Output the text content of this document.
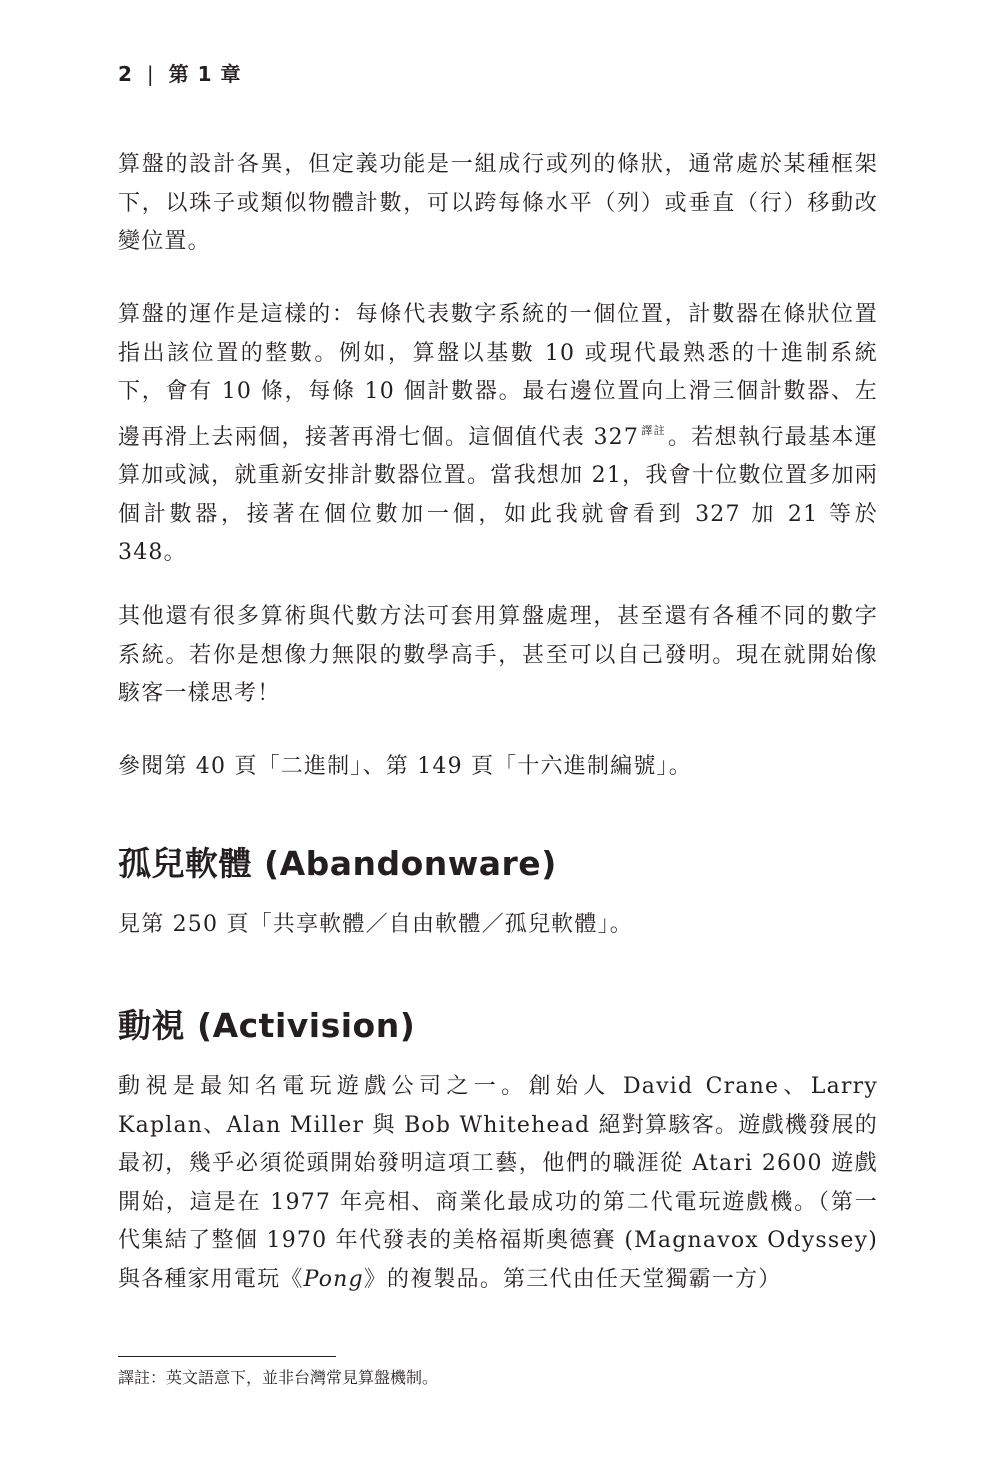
2 | 第 1 章

算盤的設計各異，但定義功能是一組成行或列的條狀，通常處於某種框架下，以珠子或類似物體計數，可以跨每條水平（列）或垂直（行）移動改變位置。

算盤的運作是這樣的：每條代表數字系統的一個位置，計數器在條狀位置指出該位置的整數。例如，算盤以基數 10 或現代最熟悉的十進制系統下，會有 10 條，每條 10 個計數器。最右邊位置向上滑三個計數器、左邊再滑上去兩個，接著再滑七個。這個值代表 327 $^{譯註}$。若想執行最基本運算加或減，就重新安排計數器位置。當我想加 21，我會十位數位置多加兩個計數器，接著在個位數加一個，如此我就會看到 327 加 21 等於 348。

其他還有很多算術與代數方法可套用算盤處理，甚至還有各種不同的數字系統。若你是想像力無限的數學高手，甚至可以自己發明。現在就開始像駭客一樣思考！

參閱第 40 頁「二進制」、第 149 頁「十六進制編號」。

孤兒軟體 (Abandonware)

見第 250 頁「共享軟體／自由軟體／孤兒軟體」。

動視 (Activision)

動視是最知名電玩遊戲公司之一。創始人 David Crane、Larry Kaplan、Alan Miller 與 Bob Whitehead 絕對算駭客。遊戲機發展的最初，幾乎必須從頭開始發明這項工藝，他們的職涯從 Atari 2600 遊戲開始，這是在 1977 年亮相、商業化最成功的第二代電玩遊戲機。（第一代集結了整個 1970 年代發表的美格福斯奧德賽 (Magnavox Odyssey) 與各種家用電玩《Pong》的複製品。第三代由任天堂獨霸一方）

譯註：英文語意下，並非台灣常見算盤機制。
